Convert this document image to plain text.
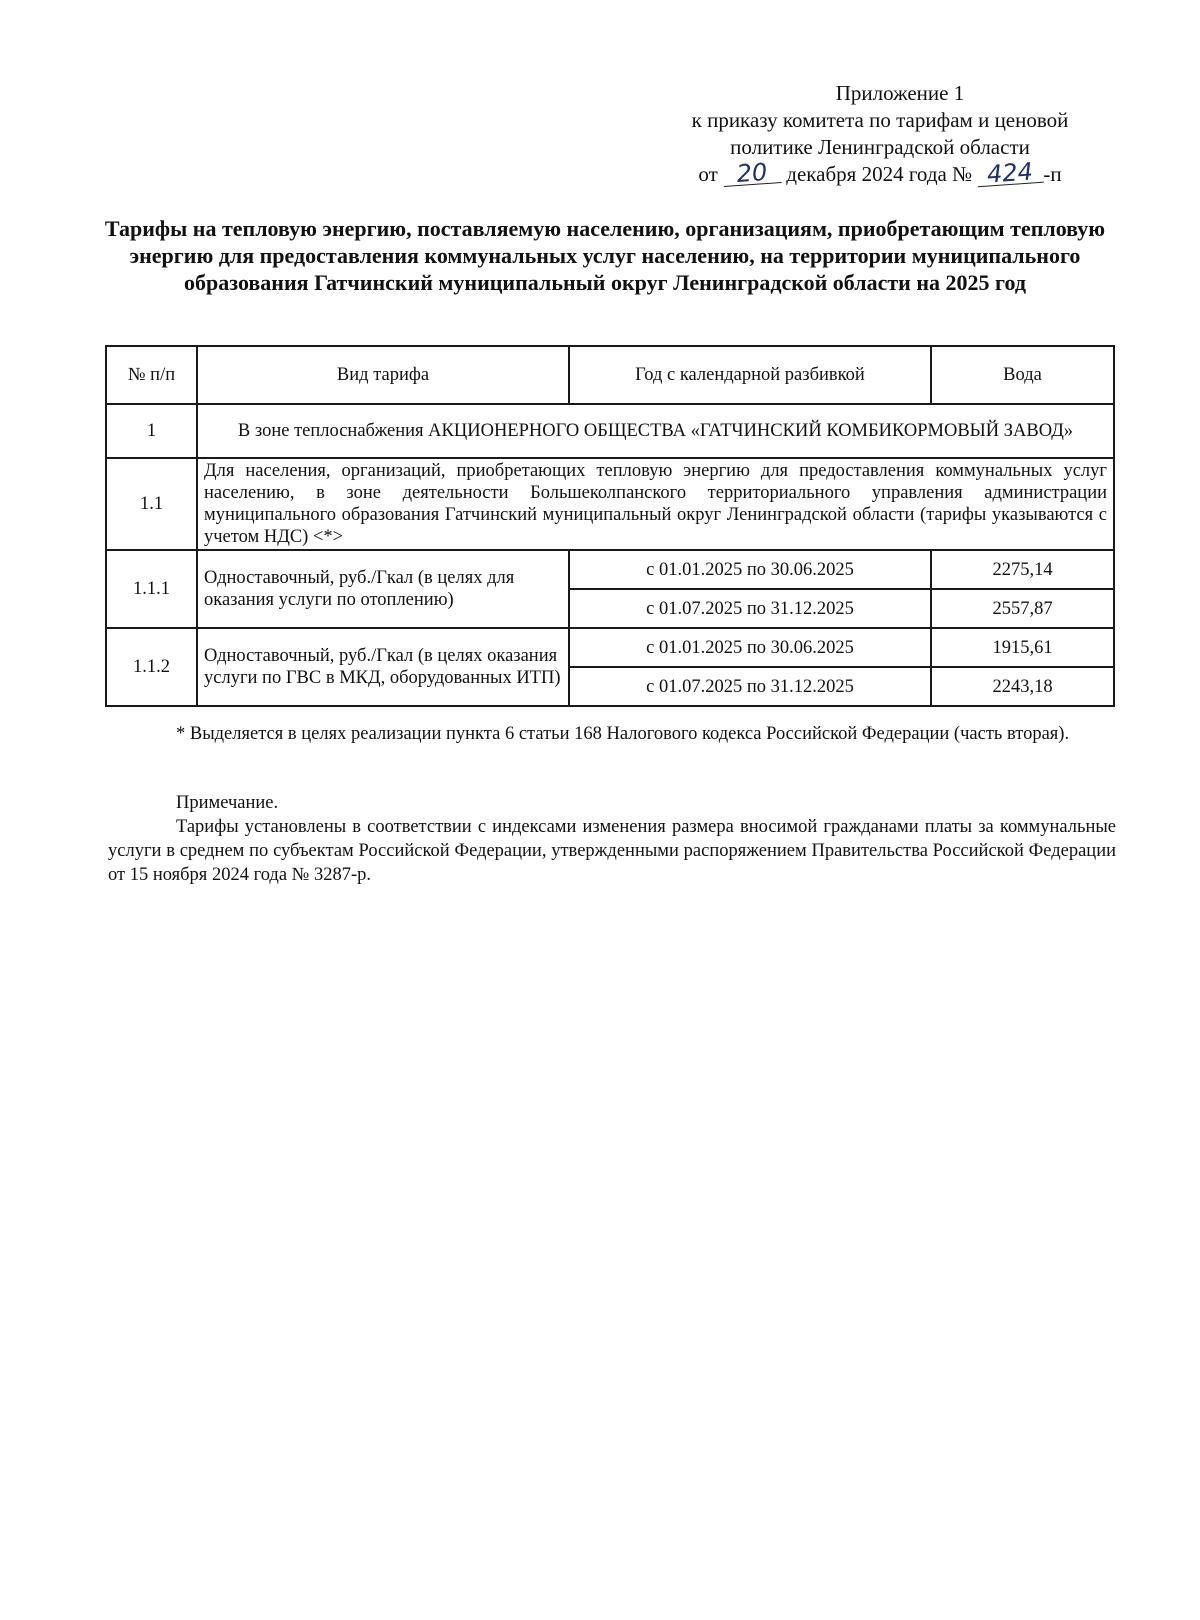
Приложение 1
к приказу комитета по тарифам и ценовой
политике Ленинградской области
от 20 декабря 2024 года № 424 -п
Тарифы на тепловую энергию, поставляемую населению, организациям, приобретающим тепловую энергию для предоставления коммунальных услуг населению, на территории муниципального образования Гатчинский муниципальный округ Ленинградской области на 2025 год
№ п/п	Вид тарифа	Год с календарной разбивкой	Вода
1	В зоне теплоснабжения АКЦИОНЕРНОГО ОБЩЕСТВА «ГАТЧИНСКИЙ КОМБИКОРМОВЫЙ ЗАВОД»		
1.1	Для населения, организаций, приобретающих тепловую энергию для предоставления коммунальных услуг населению, в зоне деятельности Большеколпанского территориального управления администрации муниципального образования Гатчинский муниципальный округ Ленинградской области (тарифы указываются с учетом НДС) <*>		
1.1.1	Одноставочный, руб./Гкал (в целях для оказания услуги по отоплению)	с 01.01.2025 по 30.06.2025	2275,14
		с 01.07.2025 по 31.12.2025	2557,87
1.1.2	Одноставочный, руб./Гкал (в целях оказания услуги по ГВС в МКД, оборудованных ИТП)	с 01.01.2025 по 30.06.2025	1915,61
		с 01.07.2025 по 31.12.2025	2243,18
* Выделяется в целях реализации пункта 6 статьи 168 Налогового кодекса Российской Федерации (часть вторая).
Примечание.
Тарифы установлены в соответствии с индексами изменения размера вносимой гражданами платы за коммунальные услуги в среднем по субъектам Российской Федерации, утвержденными распоряжением Правительства Российской Федерации от 15 ноября 2024 года № 3287-р.
